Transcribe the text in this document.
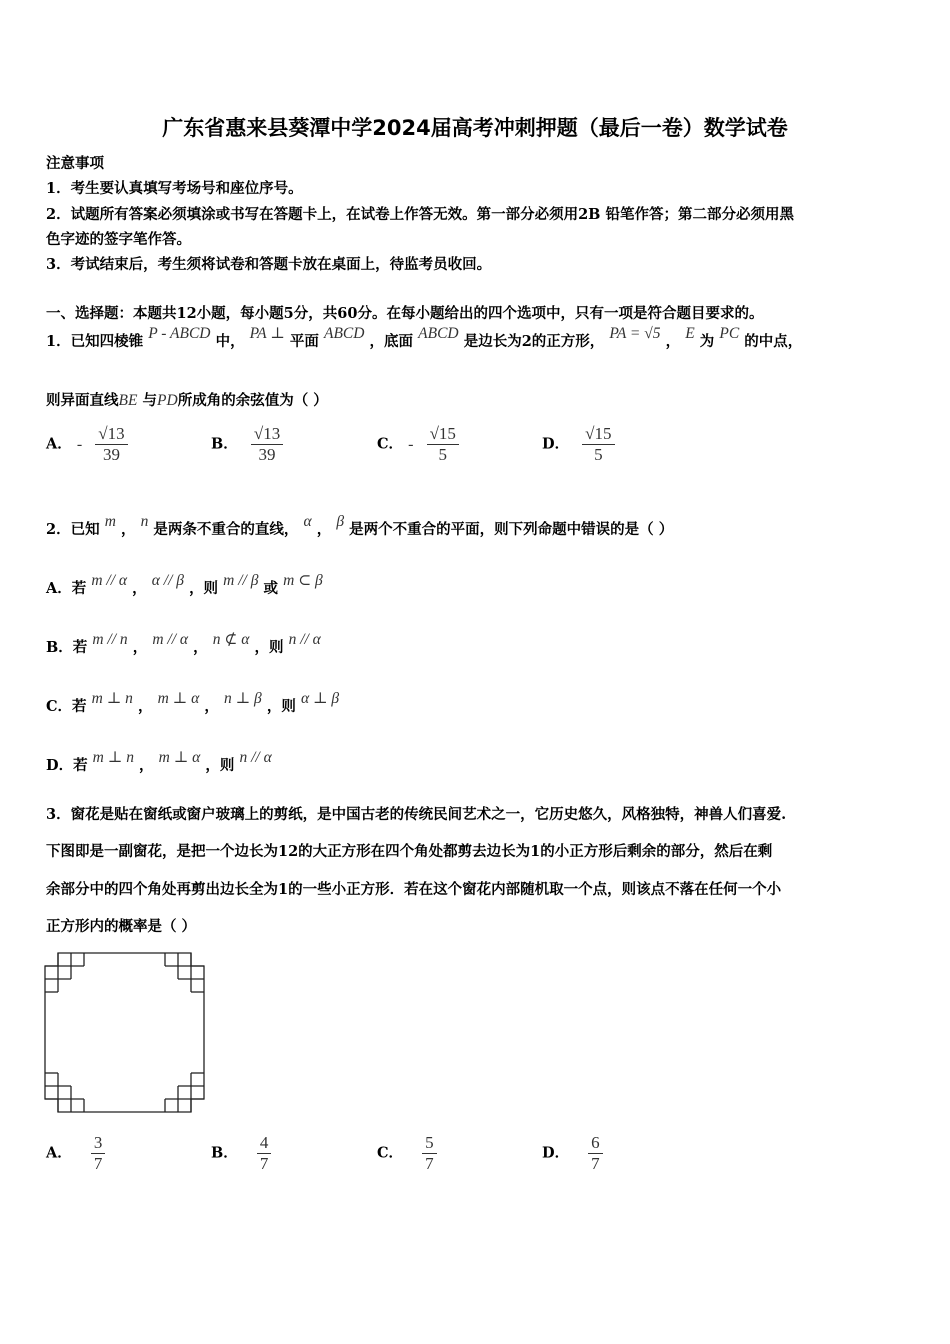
广东省惠来县葵潭中学2024届高考冲刺押题（最后一卷）数学试卷
注意事项
1．考生要认真填写考场号和座位序号。
2．试题所有答案必须填涂或书写在答题卡上，在试卷上作答无效。第一部分必须用2B 铅笔作答；第二部分必须用黑
色字迹的签字笔作答。
3．考试结束后，考生须将试卷和答题卡放在桌面上，待监考员收回。
一、选择题：本题共12小题，每小题5分，共60分。在每小题给出的四个选项中，只有一项是符合题目要求的。
1．已知四棱锥 P - ABCD 中， PA ⊥ 平面 ABCD ，底面 ABCD 是边长为2的正方形， PA = √5 ， E 为 PC 的中点，
则异面直线BE 与PD所成角的余弦值为（ ）
A． - $\frac{√13}{39}$	B． $\frac{√13}{39}$	C． - $\frac{√15}{5}$	D． $\frac{√15}{5}$
2．已知 m ， n 是两条不重合的直线， α ， β 是两个不重合的平面，则下列命题中错误的是（ ）
A．若 m // α ， α // β ，则 m // β 或 m ⊂ β
B．若 m // n ， m // α ， n ⊄ α ，则 n // α
C．若 m ⊥ n ， m ⊥ α ， n ⊥ β ，则 α ⊥ β
D．若 m ⊥ n ， m ⊥ α ，则 n // α
3．窗花是贴在窗纸或窗户玻璃上的剪纸，是中国古老的传统民间艺术之一，它历史悠久，风格独特，神兽人们喜爱.
下图即是一副窗花，是把一个边长为12的大正方形在四个角处都剪去边长为1的小正方形后剩余的部分，然后在剩
余部分中的四个角处再剪出边长全为1的一些小正方形．若在这个窗花内部随机取一个点，则该点不落在任何一个小
正方形内的概率是（ ）
A． $\frac{3}{7}$	B． $\frac{4}{7}$	C． $\frac{5}{7}$	D． $\frac{6}{7}$
